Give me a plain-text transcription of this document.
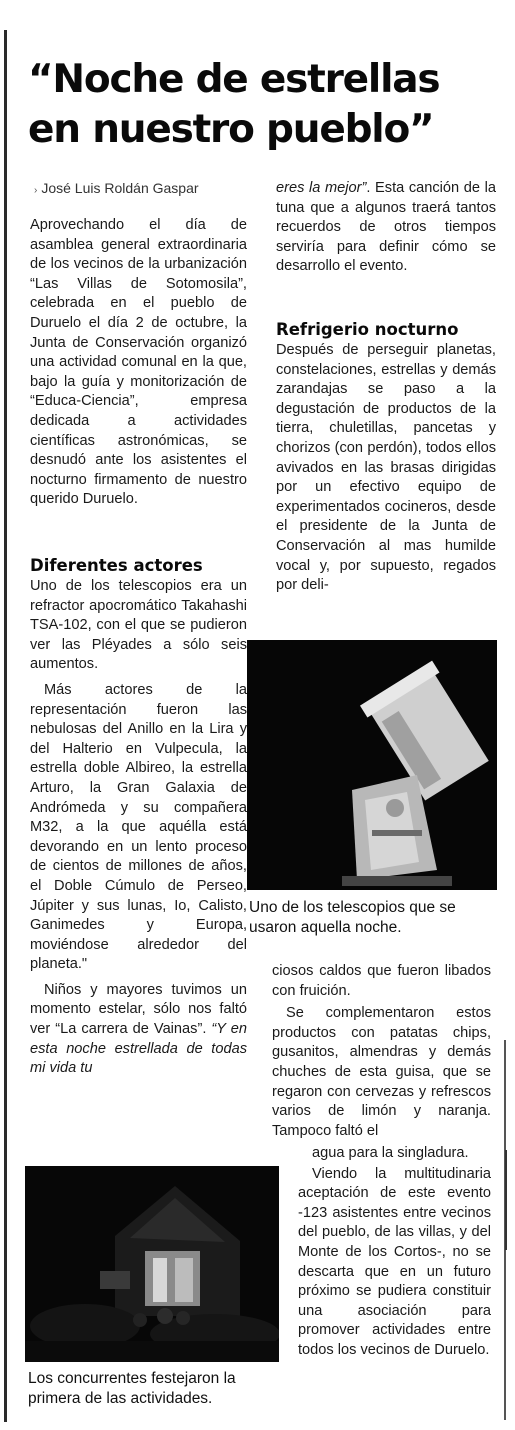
“Noche de estrellas
en nuestro pueblo”
› José Luis Roldán Gaspar

Aprovechando el día de asamblea general extraordinaria de los vecinos de la urbanización “Las Villas de Sotomosila”, celebrada en el pueblo de Duruelo el día 2 de octubre, la Junta de Conservación organizó una actividad comunal en la que, bajo la guía y monitorización de “Educa-Ciencia”, empresa dedicada a actividades científicas astronómicas, se desnudó ante los asistentes el nocturno firmamento de nuestro querido Duruelo.

Diferentes actores

Uno de los telescopios era un refractor apocromático Takahashi TSA-102, con el que se pudieron ver las Pléyades a sólo seis aumentos.

Más actores de la representación fueron las nebulosas del Anillo en la Lira y del Halterio en Vulpecula, la estrella doble Albireo, la estrella Arturo, la Gran Galaxia de Andrómeda y su compañera M32, a la que aquélla está devorando en un lento proceso de cientos de millones de años, el Doble Cúmulo de Perseo, Júpiter y sus lunas, Io, Calisto, Ganimedes y Europa, moviéndose alrededor del planeta."

Niños y mayores tuvimos un momento estelar, sólo nos faltó ver “La carrera de Vainas”. “Y en esta noche estrellada de todas mi vida tu

Los concurrentes festejaron la
primera de las actividades.

eres la mejor”. Esta canción de la tuna que a algunos traerá tantos recuerdos de otros tiempos serviría para definir cómo se desarrollo el evento.

Refrigerio nocturno

Después de perseguir planetas, constelaciones, estrellas y demás zarandajas se paso a la degustación de productos de la tierra, chuletillas, pancetas y chorizos (con perdón), todos ellos avivados en las brasas dirigidas por un efectivo equipo de experimentados cocineros, desde el presidente de la Junta de Conservación al mas humilde vocal y, por supuesto, regados por deli-

Uno de los telescopios que se
usaron aquella noche.

ciosos caldos que fueron libados con fruición.

Se complementaron estos productos con patatas chips, gusanitos, almendras y demás chuches de esta guisa, que se regaron con cervezas y refrescos varios de limón y naranja. Tampoco faltó el

agua para la singladura.

Viendo la multitudinaria aceptación de este evento -123 asistentes entre vecinos del pueblo, de las villas, y del Monte de los Cortos-, no se descarta que en un futuro próximo se pudiera constituir una asociación para promover actividades entre todos los vecinos de Duruelo.
